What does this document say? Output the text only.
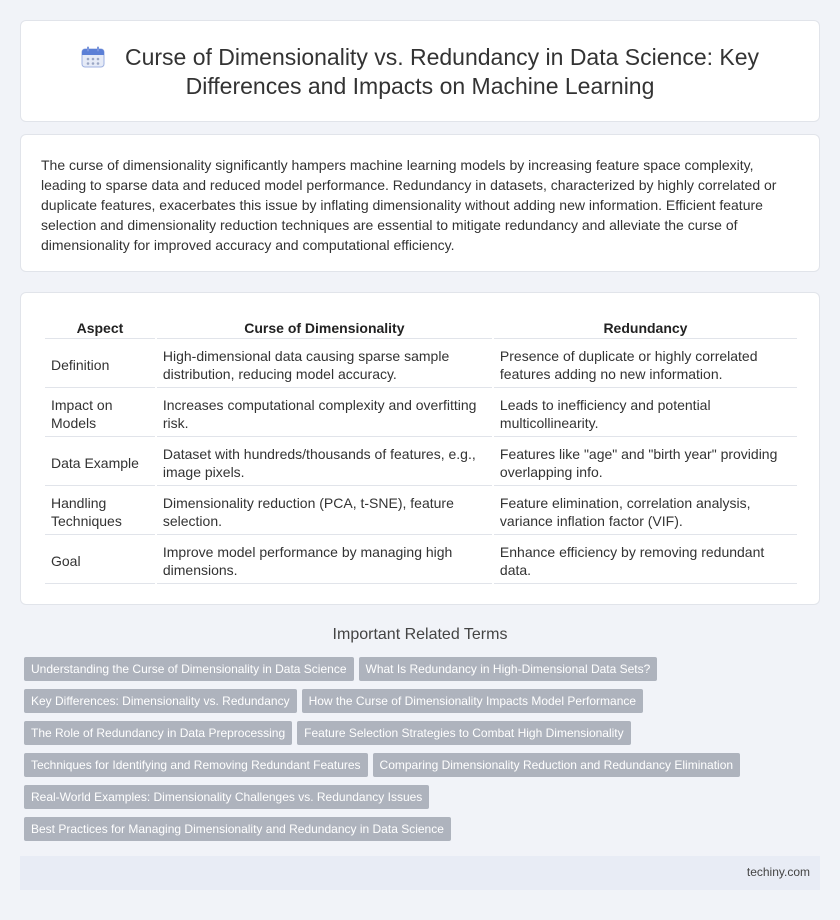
Curse of Dimensionality vs. Redundancy in Data Science: Key Differences and Impacts on Machine Learning

The curse of dimensionality significantly hampers machine learning models by increasing feature space complexity, leading to sparse data and reduced model performance. Redundancy in datasets, characterized by highly correlated or duplicate features, exacerbates this issue by inflating dimensionality without adding new information. Efficient feature selection and dimensionality reduction techniques are essential to mitigate redundancy and alleviate the curse of dimensionality for improved accuracy and computational efficiency.

Aspect	Curse of Dimensionality	Redundancy
Definition	High-dimensional data causing sparse sample distribution, reducing model accuracy.	Presence of duplicate or highly correlated features adding no new information.
Impact on Models	Increases computational complexity and overfitting risk.	Leads to inefficiency and potential multicollinearity.
Data Example	Dataset with hundreds/thousands of features, e.g., image pixels.	Features like "age" and "birth year" providing overlapping info.
Handling Techniques	Dimensionality reduction (PCA, t-SNE), feature selection.	Feature elimination, correlation analysis, variance inflation factor (VIF).
Goal	Improve model performance by managing high dimensions.	Enhance efficiency by removing redundant data.
Important Related Terms
Understanding the Curse of Dimensionality in Data Science What Is Redundancy in High-Dimensional Data Sets?
Key Differences: Dimensionality vs. Redundancy How the Curse of Dimensionality Impacts Model Performance
The Role of Redundancy in Data Preprocessing Feature Selection Strategies to Combat High Dimensionality
Techniques for Identifying and Removing Redundant Features Comparing Dimensionality Reduction and Redundancy Elimination
Real-World Examples: Dimensionality Challenges vs. Redundancy Issues
Best Practices for Managing Dimensionality and Redundancy in Data Science
techiny.com
